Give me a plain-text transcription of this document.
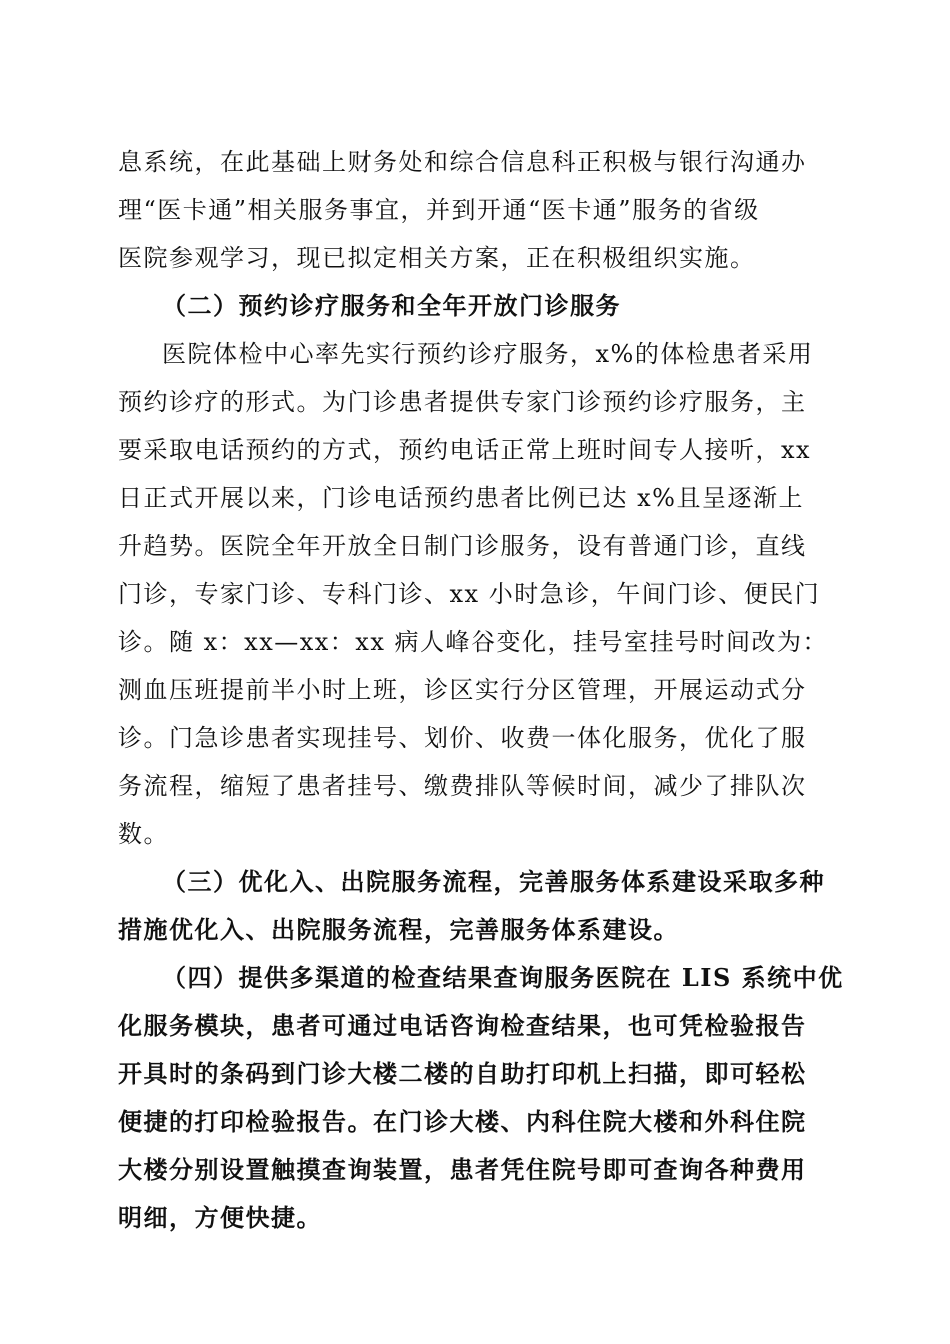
息系统，在此基础上财务处和综合信息科正积极与银行沟通办
理“医卡通”相关服务事宜，并到开通“医卡通”服务的省级
医院参观学习，现已拟定相关方案，正在积极组织实施。
（二）预约诊疗服务和全年开放门诊服务
医院体检中心率先实行预约诊疗服务，x%的体检患者采用
预约诊疗的形式。为门诊患者提供专家门诊预约诊疗服务，主
要采取电话预约的方式，预约电话正常上班时间专人接听，xx
日正式开展以来，门诊电话预约患者比例已达 x%且呈逐渐上
升趋势。医院全年开放全日制门诊服务，设有普通门诊，直线
门诊，专家门诊、专科门诊、xx 小时急诊，午间门诊、便民门
诊。随 x：xx—xx：xx 病人峰谷变化，挂号室挂号时间改为：
测血压班提前半小时上班，诊区实行分区管理，开展运动式分
诊。门急诊患者实现挂号、划价、收费一体化服务，优化了服
务流程，缩短了患者挂号、缴费排队等候时间，减少了排队次
数。
（三）优化入、出院服务流程，完善服务体系建设采取多种
措施优化入、出院服务流程，完善服务体系建设。
（四）提供多渠道的检查结果查询服务医院在 LIS 系统中优
化服务模块，患者可通过电话咨询检查结果，也可凭检验报告
开具时的条码到门诊大楼二楼的自助打印机上扫描，即可轻松
便捷的打印检验报告。在门诊大楼、内科住院大楼和外科住院
大楼分别设置触摸查询装置，患者凭住院号即可查询各种费用
明细，方便快捷。
